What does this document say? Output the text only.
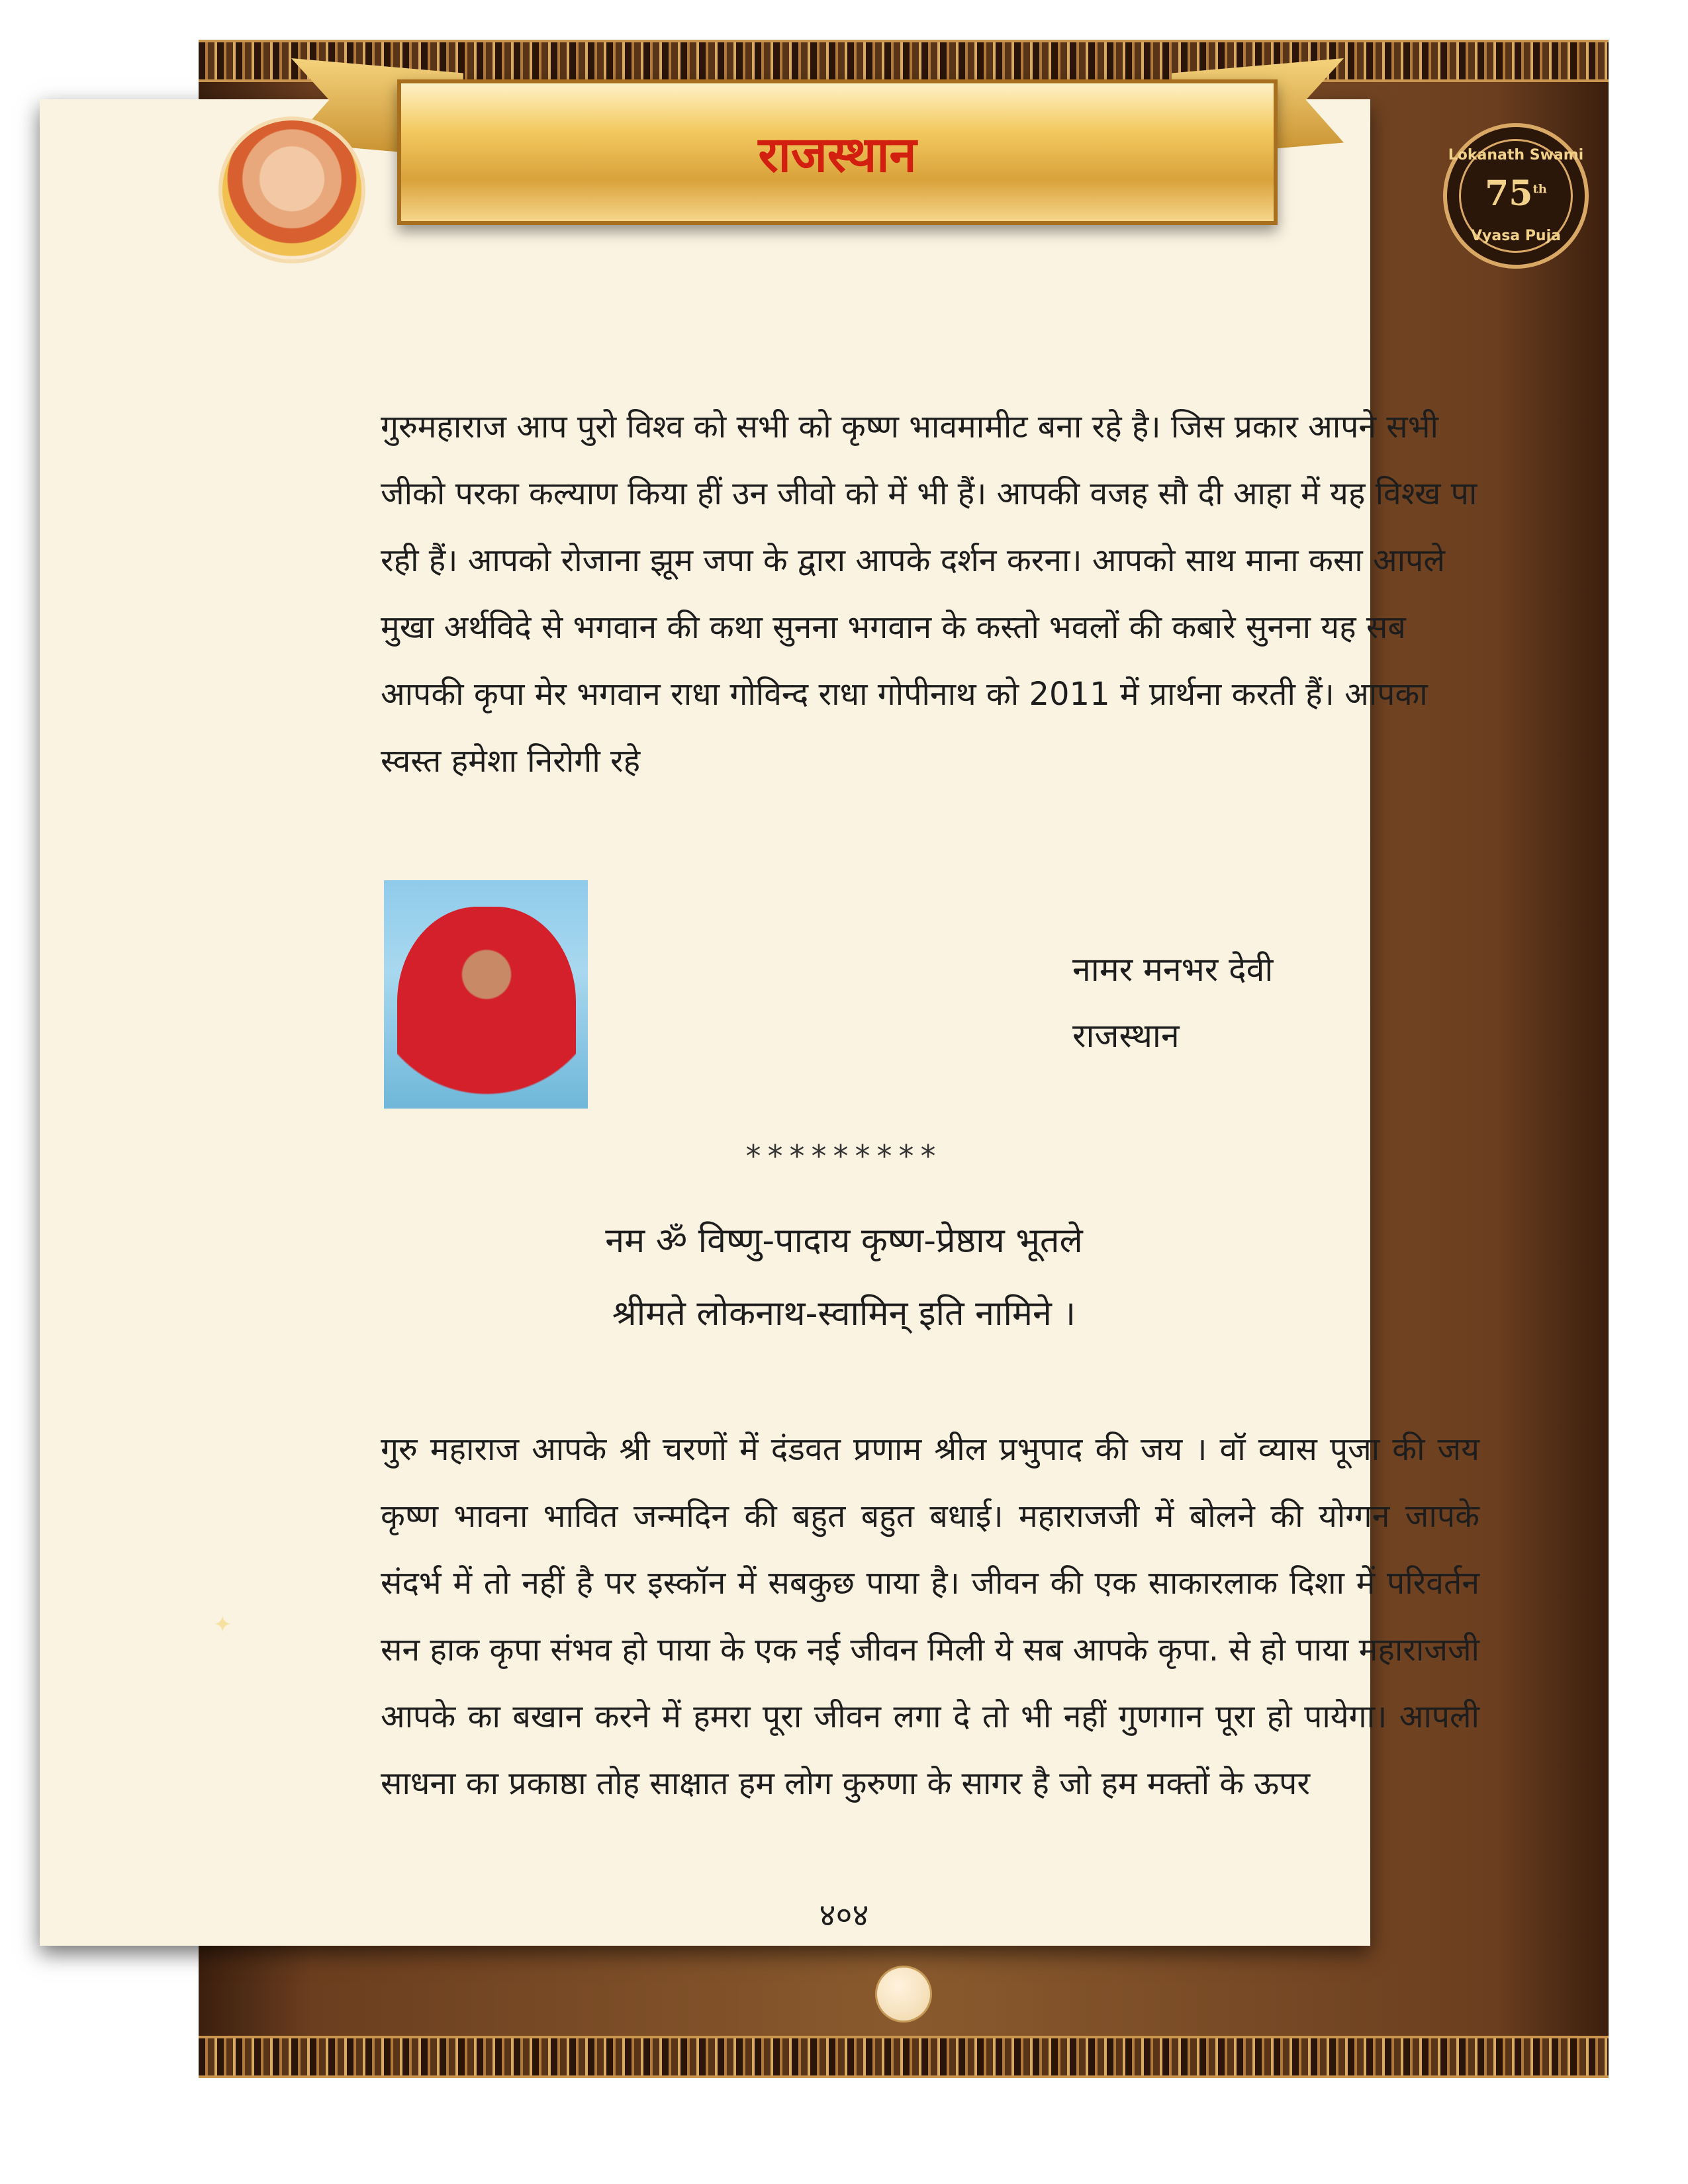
राजस्थान	Lokanath Swami
75th
Vyasa Puja

गुरुमहाराज आप पुरो विश्व को सभी को कृष्ण भावमामीट बना रहे है। जिस प्रकार आपने सभी जीको परका कल्याण किया हीं उन जीवो को में भी हैं। आपकी वजह सौ दी आहा में यह विश्ख पा रही हैं। आपको रोजाना झूम जपा के द्वारा आपके दर्शन करना। आपको साथ माना कसा आपले मुखा अर्थविदे से भगवान की कथा सुनना भगवान के कस्तो भवलों की कबारे सुनना यह सब आपकी कृपा मेर भगवान राधा गोविन्द राधा गोपीनाथ को 2011 में प्रार्थना करती हैं। आपका स्वस्त हमेशा निरोगी रहे

नामर मनभर देवी
राजस्थान
*********
नम ॐ विष्णु-पादाय कृष्ण-प्रेष्ठाय भूतले
श्रीमते लोकनाथ-स्वामिन् इति नामिने ।

गुरु महाराज आपके श्री चरणों में दंडवत प्रणाम श्रील प्रभुपाद की जय । वॉ व्यास पूजा की जय कृष्ण भावना भावित जन्मदिन की बहुत बहुत बधाई। महाराजजी में बोलने की योग्गन जापके संदर्भ में तो नहीं है पर इस्कॉन में सबकुछ पाया है। जीवन की एक साकारलाक दिशा में परिवर्तन सन हाक कृपा संभव हो पाया के एक नई जीवन मिली ये सब आपके कृपा. से हो पाया महाराजजी आपके का बखान करने में हमरा पूरा जीवन लगा दे तो भी नहीं गुणगान पूरा हो पायेगा। आपली साधना का प्रकाष्ठा तोह साक्षात हम लोग कुरुणा के सागर है जो हम मक्तों के ऊपर

४०४
✦
